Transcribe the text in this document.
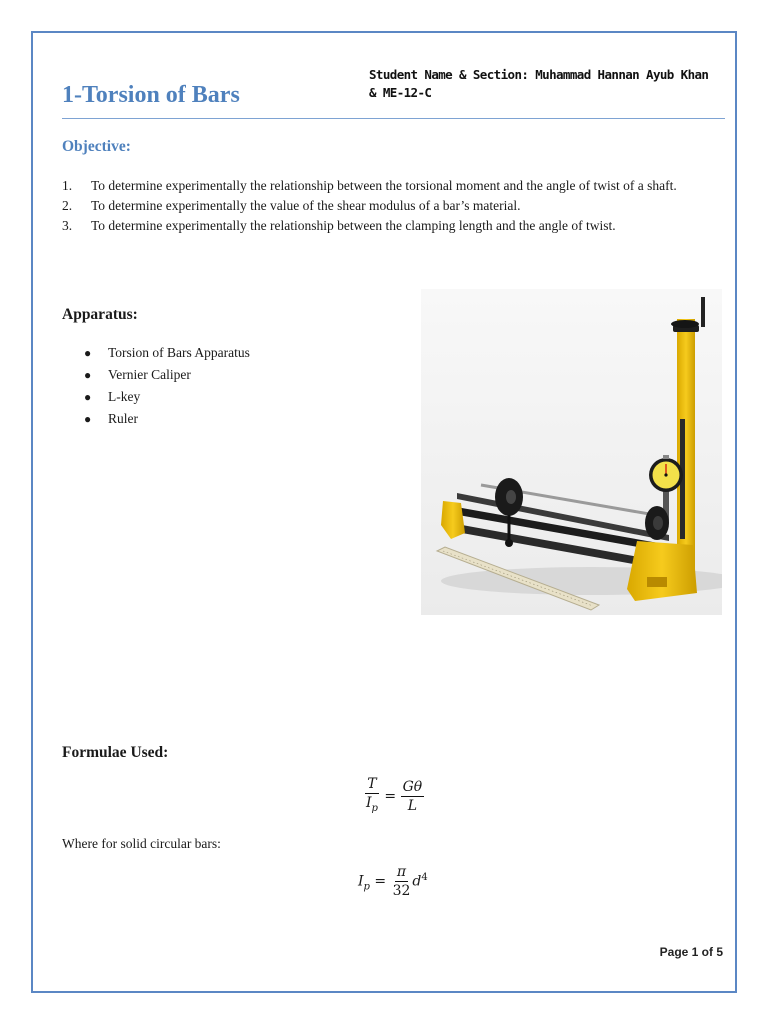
Student Name & Section: Muhammad Hannan Ayub Khan & ME-12-C
1-Torsion of Bars
Objective:
1.	To determine experimentally the relationship between the torsional moment and the angle of twist of a shaft.
2.	To determine experimentally the value of the shear modulus of a bar’s material.
3.	To determine experimentally the relationship between the clamping length and the angle of twist.
Apparatus:
●	Torsion of Bars Apparatus
●	Vernier Caliper
●	L-key
●	Ruler
Formulae Used:
$\frac{T}{I_p} = \frac{G\theta}{L}$
Where for solid circular bars:
$I_p = \frac{\pi}{32} d^4$
Page 1 of 5
